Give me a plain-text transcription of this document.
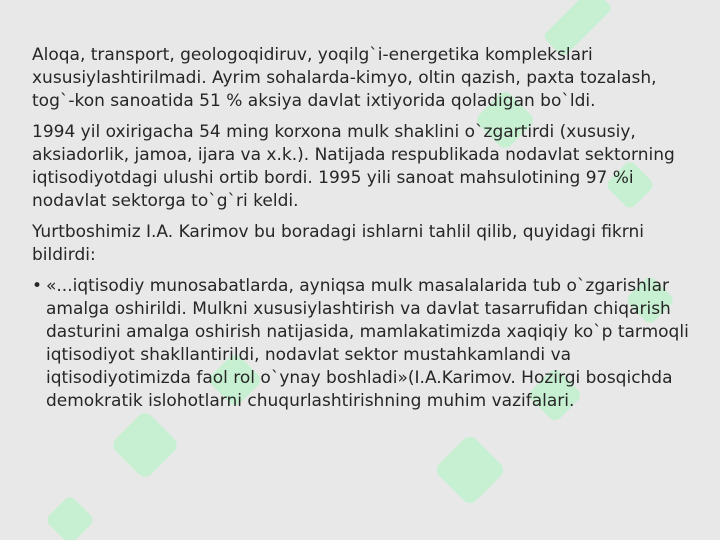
Aloqa, transport, geologoqidiruv, yoqilg`i-energetika komplekslari xususiylashtirilmadi. Ayrim sohalarda-kimyo, oltin qazish, paxta tozalash, tog`-kon sanoatida 51 % aksiya davlat ixtiyorida qoladigan bo`ldi.

1994 yil oxirigacha 54 ming korxona mulk shaklini o`zgartirdi (xususiy, aksiadorlik, jamoa, ijara va x.k.). Natijada respublikada nodavlat sektorning iqtisodiyotdagi ulushi ortib bordi. 1995 yili sanoat mahsulotining 97 %i nodavlat sektorga to`g`ri keldi.

Yurtboshimiz I.A. Karimov bu boradagi ishlarni tahlil qilib, quyidagi fikrni bildirdi:

• «...iqtisodiy munosabatlarda, ayniqsa mulk masalalarida tub o`zgarishlar amalga oshirildi. Mulkni xususiylashtirish va davlat tasarrufidan chiqarish dasturini amalga oshirish natijasida, mamlakatimizda xaqiqiy ko`p tarmoqli iqtisodiyot shakllantirildi, nodavlat sektor mustahkamlandi va iqtisodiyotimizda faol rol o`ynay boshladi»(I.A.Karimov. Hozirgi bosqichda demokratik islohotlarni chuqurlashtirishning muhim vazifalari.
